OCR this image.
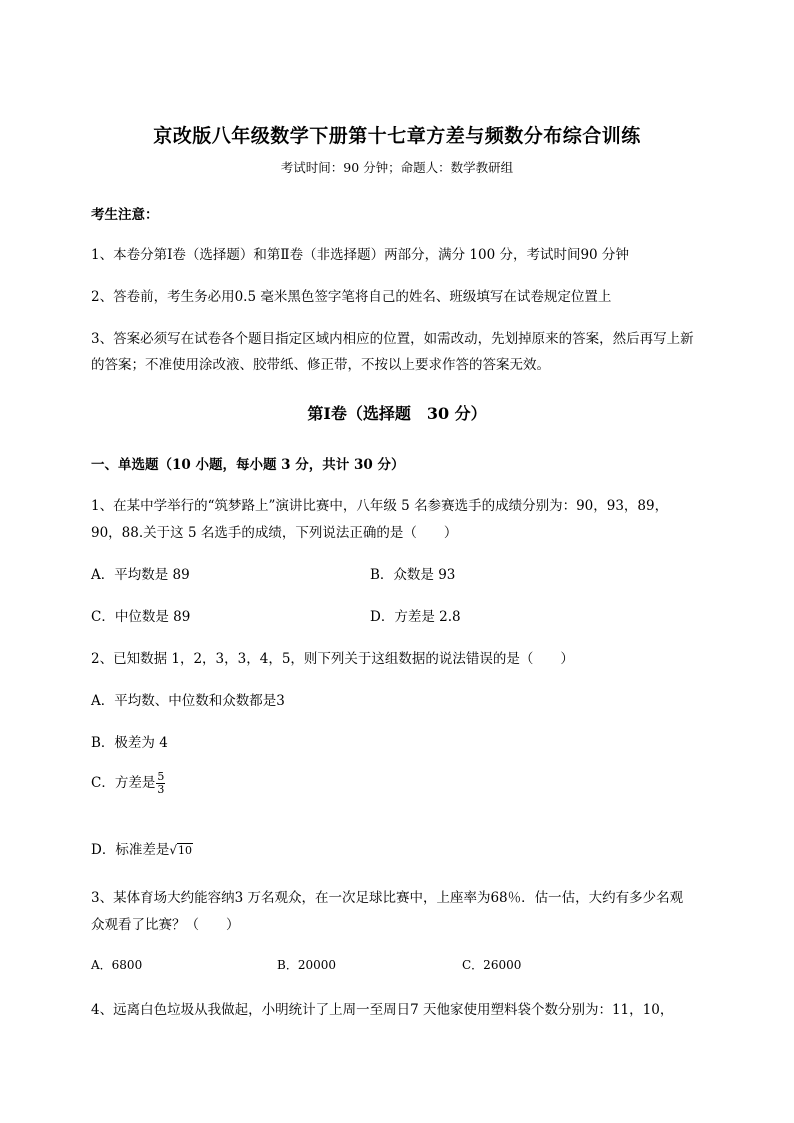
京改版八年级数学下册第十七章方差与频数分布综合训练
考试时间：90 分钟；命题人：数学教研组
考生注意：
1、本卷分第Ⅰ卷（选择题）和第Ⅱ卷（非选择题）两部分，满分 100 分，考试时间90 分钟
2、答卷前，考生务必用0.5 毫米黑色签字笔将自己的姓名、班级填写在试卷规定位置上
3、答案必须写在试卷各个题目指定区域内相应的位置，如需改动，先划掉原来的答案，然后再写上新
的答案；不准使用涂改液、胶带纸、修正带，不按以上要求作答的答案无效。
第Ⅰ卷（选择题　30 分）
一、单选题（10 小题，每小题 3 分，共计 30 分）
1、在某中学举行的“筑梦路上”演讲比赛中，八年级 5 名参赛选手的成绩分别为：90，93，89，
90，88.关于这 5 名选手的成绩，下列说法正确的是（　　）
A．平均数是 89	B．众数是 93
C．中位数是 89	D．方差是 2.8
2、已知数据 1，2，3，3，4，5，则下列关于这组数据的说法错误的是（　　）
A．平均数、中位数和众数都是3
B．极差为 4
C．方差是 $\frac{5}{3}$
D．标准差是√10
3、某体育场大约能容纳3 万名观众，在一次足球比赛中，上座率为68％．估一估，大约有多少名观
众观看了比赛？（　　）
A．6800	B．20000	C．26000
4、远离白色垃圾从我做起，小明统计了上周一至周日7 天他家使用塑料袋个数分别为：11，10，
